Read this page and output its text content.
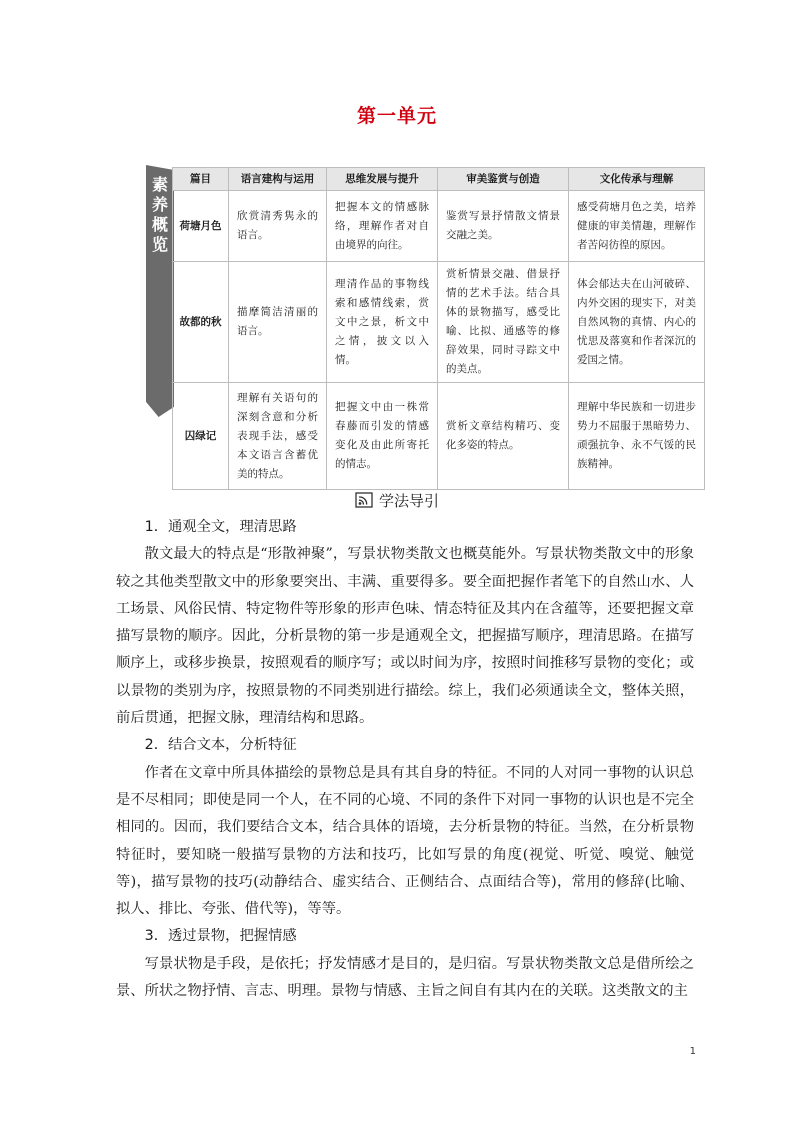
第一单元
素养概览
篇目	语言建构与运用	思维发展与提升	审美鉴赏与创造	文化传承与理解
荷塘月色	欣赏清秀隽永的语言。	把握本文的情感脉络，理解作者对自由境界的向往。	鉴赏写景抒情散文情景交融之美。	感受荷塘月色之美，培养健康的审美情趣，理解作者苦闷彷徨的原因。
故都的秋	描摩简洁清丽的语言。	理清作品的事物线索和感情线索，赏文中之景，析文中之情，披文以入情。	赏析情景交融、借景抒情的艺术手法。结合具体的景物描写，感受比喻、比拟、通感等的修辞效果，同时寻踪文中的美点。	体会郁达夫在山河破碎、内外交困的现实下，对美自然风物的真情、内心的忧思及落寞和作者深沉的爱国之情。
囚绿记	理解有关语句的深刻含意和分析表现手法，感受本文语言含蓄优美的特点。	把握文中由一株常春藤而引发的情感变化及由此所寄托的情志。	赏析文章结构精巧、变化多姿的特点。	理解中华民族和一切进步势力不屈服于黑暗势力、顽强抗争、永不气馁的民族精神。
学法导引

1．通观全文，理清思路

散文最大的特点是“形散神聚”，写景状物类散文也概莫能外。写景状物类散文中的形象较之其他类型散文中的形象要突出、丰满、重要得多。要全面把握作者笔下的自然山水、人工场景、风俗民情、特定物件等形象的形声色味、情态特征及其内在含蕴等，还要把握文章描写景物的顺序。因此，分析景物的第一步是通观全文，把握描写顺序，理清思路。在描写顺序上，或移步换景，按照观看的顺序写；或以时间为序，按照时间推移写景物的变化；或以景物的类别为序，按照景物的不同类别进行描绘。综上，我们必须通读全文，整体关照，前后贯通，把握文脉，理清结构和思路。

2．结合文本，分析特征

作者在文章中所具体描绘的景物总是具有其自身的特征。不同的人对同一事物的认识总是不尽相同；即使是同一个人，在不同的心境、不同的条件下对同一事物的认识也是不完全相同的。因而，我们要结合文本，结合具体的语境，去分析景物的特征。当然，在分析景物特征时，要知晓一般描写景物的方法和技巧，比如写景的角度(视觉、听觉、嗅觉、触觉等)，描写景物的技巧(动静结合、虚实结合、正侧结合、点面结合等)，常用的修辞(比喻、拟人、排比、夸张、借代等)，等等。

3．透过景物，把握情感

写景状物是手段，是依托；抒发情感才是目的，是归宿。写景状物类散文总是借所绘之景、所状之物抒情、言志、明理。景物与情感、主旨之间自有其内在的关联。这类散文的主

1
